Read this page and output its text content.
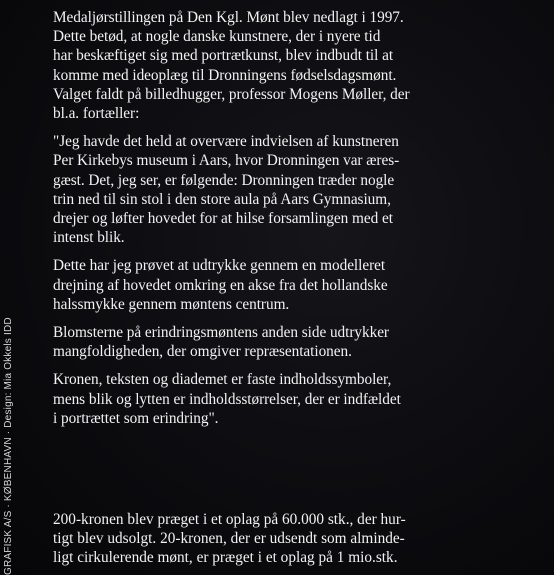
Medaljørstillingen på Den Kgl. Mønt blev nedlagt i 1997.
Dette betød, at nogle danske kunstnere, der i nyere tid
har beskæftiget sig med portrætkunst, blev indbudt til at
komme med ideoplæg til Dronningens fødselsdagsmønt.
Valget faldt på billedhugger, professor Mogens Møller, der
bl.a. fortæller:

"Jeg havde det held at overvære indvielsen af kunstneren
Per Kirkebys museum i Aars, hvor Dronningen var æres-
gæst. Det, jeg ser, er følgende: Dronningen træder nogle
trin ned til sin stol i den store aula på Aars Gymnasium,
drejer og løfter hovedet for at hilse forsamlingen med et
intenst blik.

Dette har jeg prøvet at udtrykke gennem en modelleret
drejning af hovedet omkring en akse fra det hollandske
halssmykke gennem møntens centrum.

Blomsterne på erindringsmøntens anden side udtrykker
mangfoldigheden, der omgiver repræsentationen.

Kronen, teksten og diademet er faste indholdssymboler,
mens blik og lytten er indholdsstørrelser, der er indfældet
i portrættet som erindring".

200-kronen blev præget i et oplag på 60.000 stk., der hur-
tigt blev udsolgt. 20-kronen, der er udsendt som alminde-
ligt cirkulerende mønt, er præget i et oplag på 1 mio.stk.
GRAFISK A/S · KØBENHAVN · Design: Mia Okkels IDD
